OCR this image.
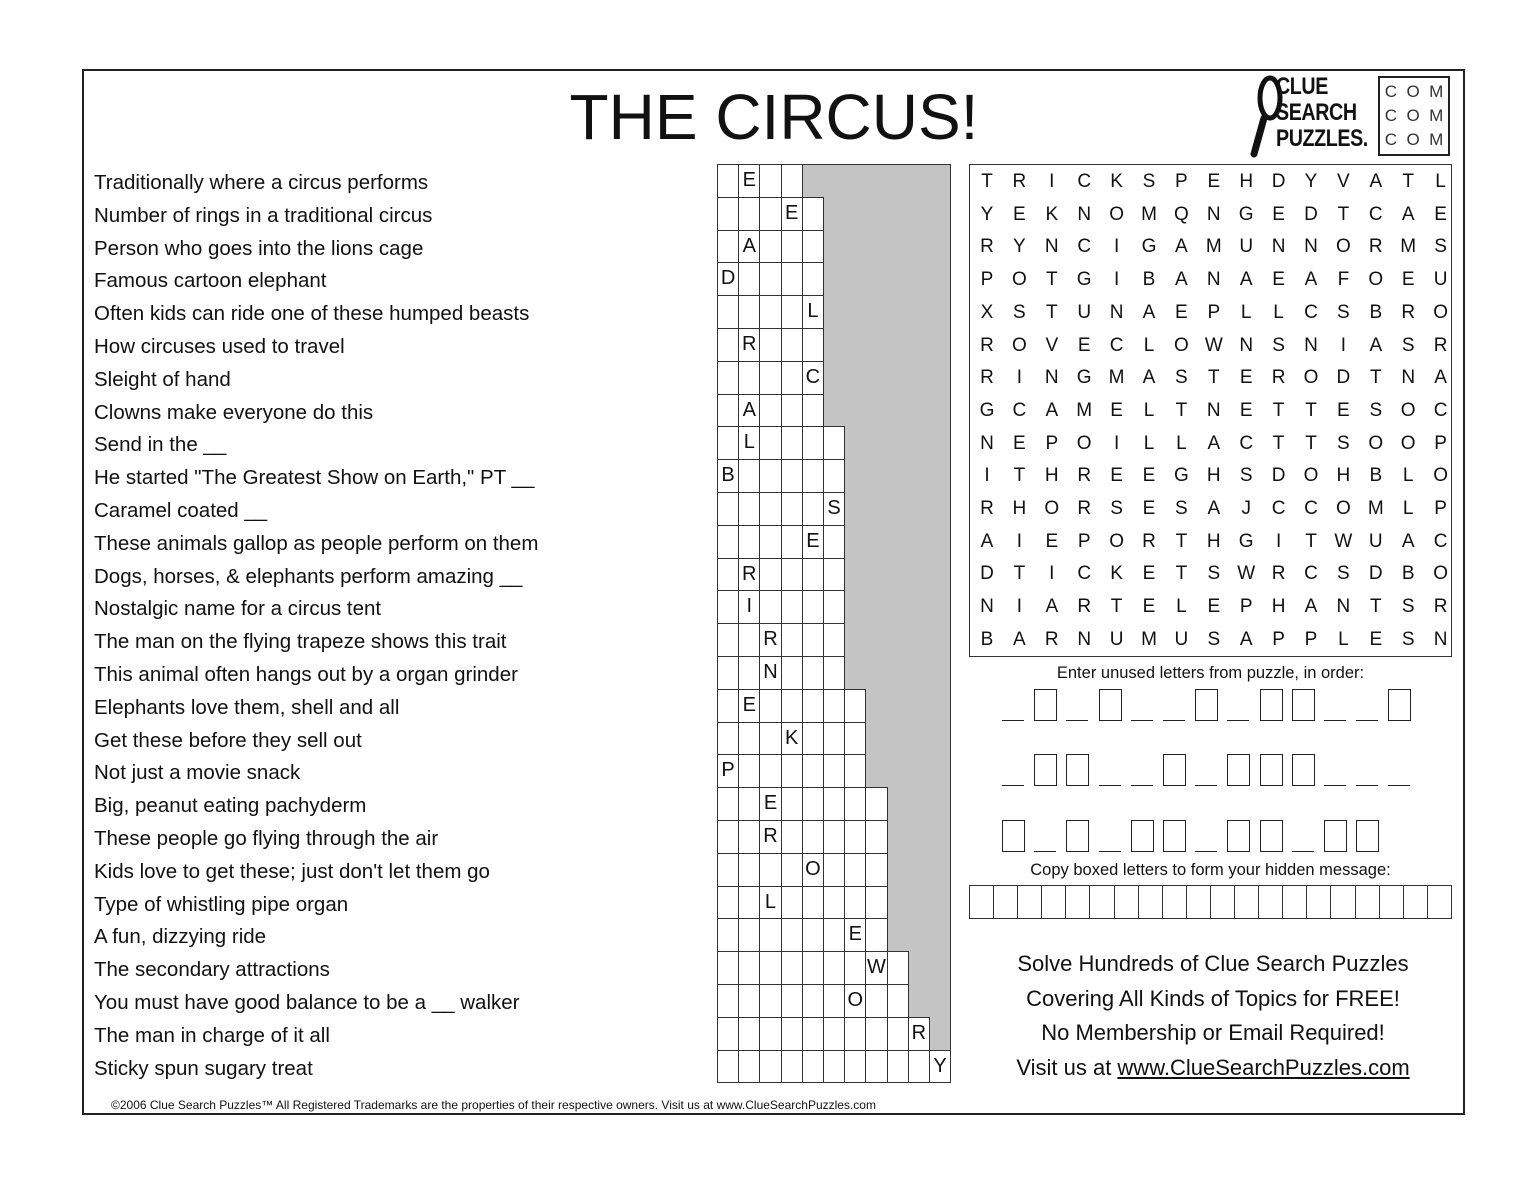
THE CIRCUS!	CLUE
SEARCH
PUZZLES.
C O M
C O M
C O M
Traditionally where a circus performs
Number of rings in a traditional circus
Person who goes into the lions cage
Famous cartoon elephant
Often kids can ride one of these humped beasts
How circuses used to travel
Sleight of hand
Clowns make everyone do this
Send in the __
He started "The Greatest Show on Earth," PT __
Caramel coated __
These animals gallop as people perform on them
Dogs, horses, & elephants perform amazing __
Nostalgic name for a circus tent
The man on the flying trapeze shows this trait
This animal often hangs out by a organ grinder
Elephants love them, shell and all
Get these before they sell out
Not just a movie snack
Big, peanut eating pachyderm
These people go flying through the air
Kids love to get these; just don't let them go
Type of whistling pipe organ
A fun, dizzying ride
The secondary attractions
You must have good balance to be a __ walker
The man in charge of it all
Sticky spun sugary treat
E
E
A
D
L
R
C
A
L
B
S
E
R
I
R
N
E
K
P
E
R
O
L
E
W
O
R
Y
T	R	I	C	K	S	P	E	H D	Y	V	A	T	L
Y	E	K	N O M Q N G E	D	T	C	A	E
R	Y	N C	I	G A M U N N O R M S
P O	T	G	I	B	A	N	A	E	A	F	O E	U
X	S	T	U N	A	E	P	L	L	C	S	B	R O
R O V	E	C	L	O W N	S	N	I	A	S	R
R	I	N G M A	S	T	E	R O D	T	N	A
G C	A M E	L	T	N	E	T	T	E	S O C
N	E	P O	I	L	L	A	C	T	T	S O O P
I	T	H R	E	E G H	S	D O H	B	L	O
R H O R	S	E	S	A	J	C C O M	L	P
A	I	E	P O R	T	H G	I	T W U	A	C
D	T	I	C	K	E	T	S W R C	S	D	B O
N	I	A	R	T	E	L	E	P	H	A	N	T	S	R
B	A	R N U M U	S	A	P	P	L	E	S	N
Enter unused letters from puzzle, in order:
Copy boxed letters to form your hidden message:
Solve Hundreds of Clue Search Puzzles
Covering All Kinds of Topics for FREE!
No Membership or Email Required!
Visit us at www.ClueSearchPuzzles.com
©2006 Clue Search Puzzles™ All Registered Trademarks are the properties of their respective owners. Visit us at www.ClueSearchPuzzles.com
